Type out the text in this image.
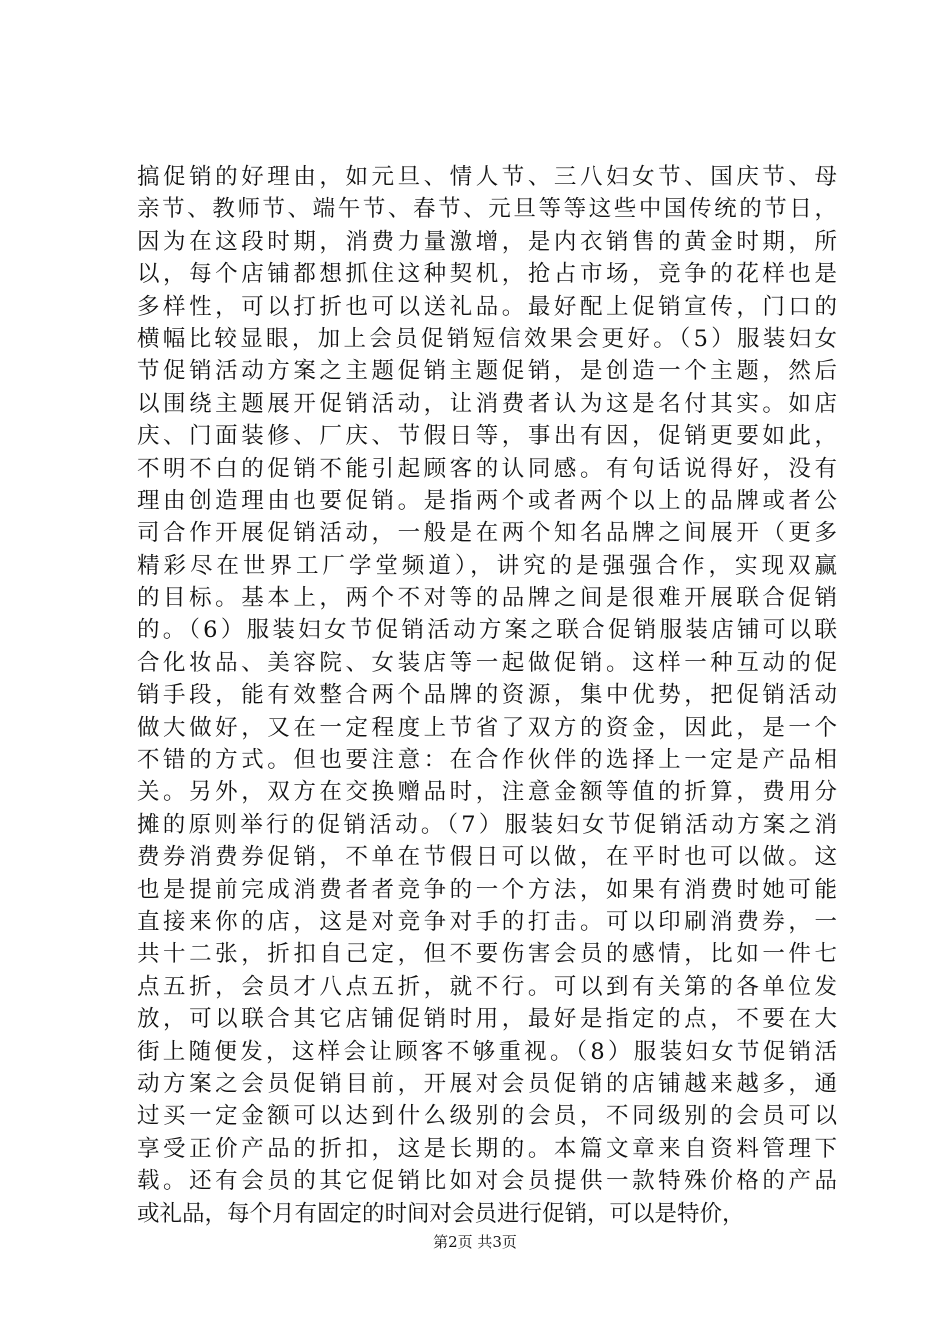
搞促销的好理由，如元旦、情人节、三八妇女节、国庆节、母
亲节、教师节、端午节、春节、元旦等等这些中国传统的节日，
因为在这段时期，消费力量激增，是内衣销售的黄金时期，所
以，每个店铺都想抓住这种契机，抢占市场，竞争的花样也是
多样性，可以打折也可以送礼品。最好配上促销宣传，门口的
横幅比较显眼，加上会员促销短信效果会更好。（5）服装妇女
节促销活动方案之主题促销主题促销，是创造一个主题，然后
以围绕主题展开促销活动，让消费者认为这是名付其实。如店
庆、门面装修、厂庆、节假日等，事出有因，促销更要如此，
不明不白的促销不能引起顾客的认同感。有句话说得好，没有
理由创造理由也要促销。是指两个或者两个以上的品牌或者公
司合作开展促销活动，一般是在两个知名品牌之间展开（更多
精彩尽在世界工厂学堂频道），讲究的是强强合作，实现双赢
的目标。基本上，两个不对等的品牌之间是很难开展联合促销
的。（6）服装妇女节促销活动方案之联合促销服装店铺可以联
合化妆品、美容院、女装店等一起做促销。这样一种互动的促
销手段，能有效整合两个品牌的资源，集中优势，把促销活动
做大做好，又在一定程度上节省了双方的资金，因此，是一个
不错的方式。但也要注意：在合作伙伴的选择上一定是产品相
关。另外，双方在交换赠品时，注意金额等值的折算，费用分
摊的原则举行的促销活动。（7）服装妇女节促销活动方案之消
费券消费券促销，不单在节假日可以做，在平时也可以做。这
也是提前完成消费者者竞争的一个方法，如果有消费时她可能
直接来你的店，这是对竞争对手的打击。可以印刷消费券，一
共十二张，折扣自己定，但不要伤害会员的感情，比如一件七
点五折，会员才八点五折，就不行。可以到有关第的各单位发
放，可以联合其它店铺促销时用，最好是指定的点，不要在大
街上随便发，这样会让顾客不够重视。（8）服装妇女节促销活
动方案之会员促销目前，开展对会员促销的店铺越来越多，通
过买一定金额可以达到什么级别的会员，不同级别的会员可以
享受正价产品的折扣，这是长期的。本篇文章来自资料管理下
载。还有会员的其它促销比如对会员提供一款特殊价格的产品
或礼品，每个月有固定的时间对会员进行促销，可以是特价，
第2页 共3页
